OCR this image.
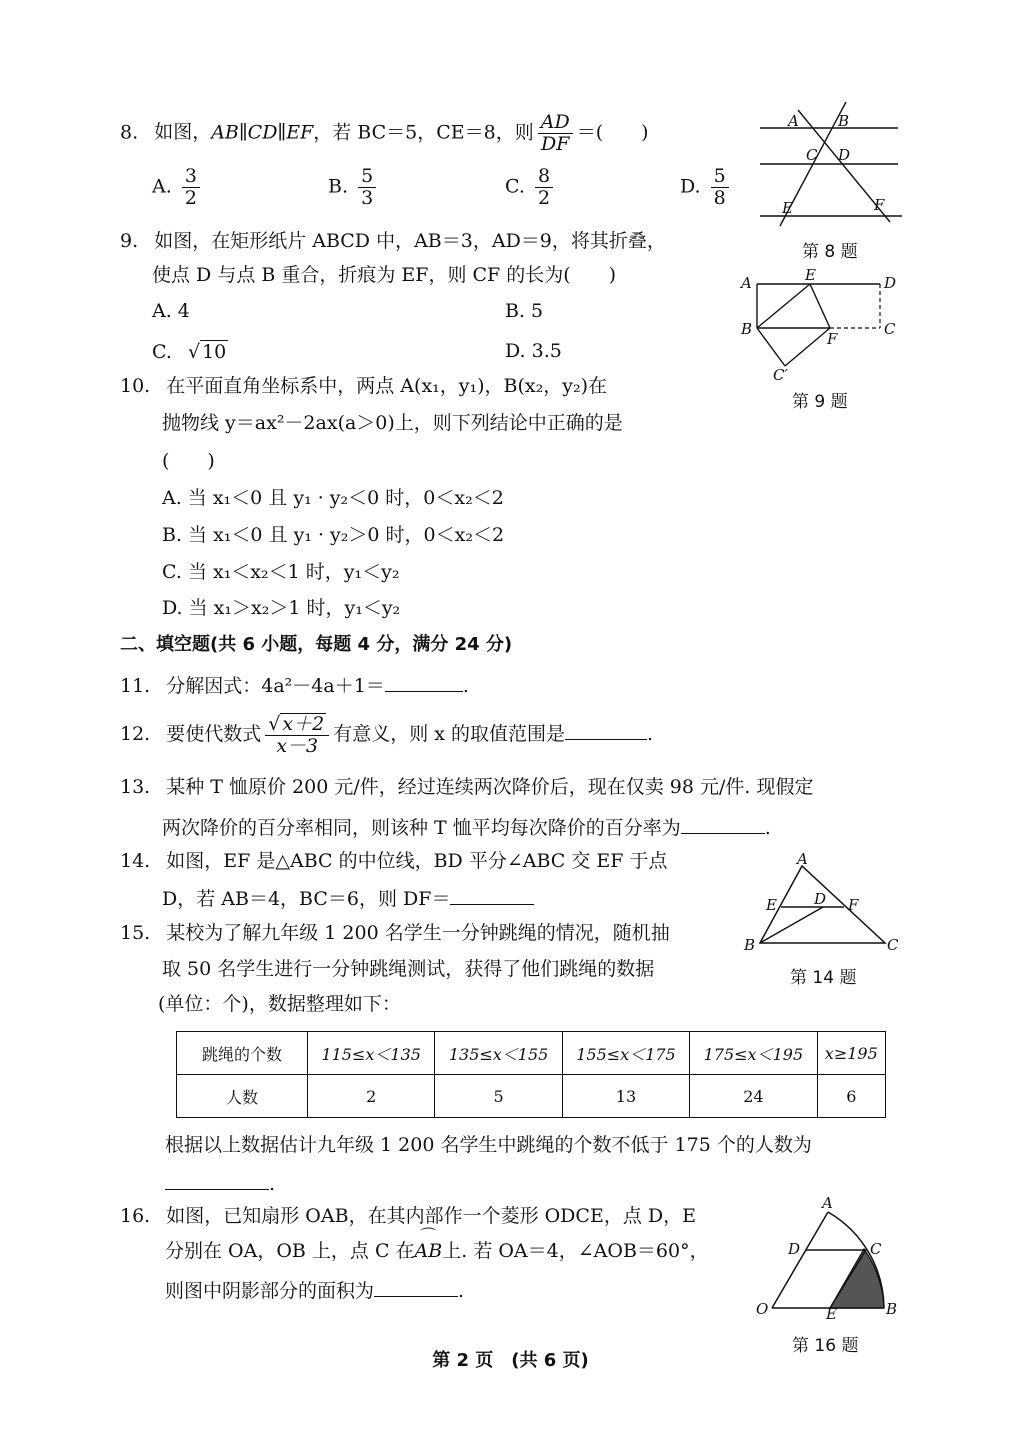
8. 如图，AB∥CD∥EF，若 BC＝5，CE＝8，则 $\frac{AD}{DF}$ ＝(　　)
A. $\frac{3}{2}$	B. $\frac{5}{3}$	C. $\frac{8}{2}$	D. $\frac{5}{8}$
A	B
C D
E	F
第 8 题
9. 如图，在矩形纸片 ABCD 中，AB＝3，AD＝9，将其折叠，
使点 D 与点 B 重合，折痕为 EF，则 CF 的长为(　　)
A. 4	B. 5
C. √ 10	D. 3.5
A	E	D
B
F
C
C′
第 9 题
10. 在平面直角坐标系中，两点 A(x₁，y₁)，B(x₂，y₂)在
抛物线 y＝ax²－2ax(a＞0)上，则下列结论中正确的是
(　　)
A. 当 x₁＜0 且 y₁ · y₂＜0 时，0＜x₂＜2
B. 当 x₁＜0 且 y₁ · y₂＞0 时，0＜x₂＜2
C. 当 x₁＜x₂＜1 时，y₁＜y₂
D. 当 x₁＞x₂＞1 时，y₁＜y₂
二、填空题(共 6 小题，每题 4 分，满分 24 分)
11. 分解因式：4a²－4a＋1＝	.
12. 要使代数式 $\frac{√ x+2}{x-3}$ 有意义，则 x 的取值范围是	.
13. 某种 T 恤原价 200 元/件，经过连续两次降价后，现在仅卖 98 元/件. 现假定
两次降价的百分率相同，则该种 T 恤平均每次降价的百分率为	.
14. 如图，EF 是△ABC 的中位线，BD 平分∠ABC 交 EF 于点
D，若 AB＝4，BC＝6，则 DF＝
A
E D F
B	C
第 14 题
15. 某校为了解九年级 1 200 名学生一分钟跳绳的情况，随机抽
取 50 名学生进行一分钟跳绳测试，获得了他们跳绳的数据
(单位：个)，数据整理如下：
跳绳的个数	115≤x＜135	135≤x＜155	155≤x＜175	175≤x＜195	x≥195
人数	2	5	13	24	6
根据以上数据估计九年级 1 200 名学生中跳绳的个数不低于 175 个的人数为
.
16. 如图，已知扇形 OAB，在其内部作一个菱形 ODCE，点 D，E
分别在 OA，OB 上，点 C 在⌒ AB上. 若 OA＝4，∠AOB＝60°，
则图中阴影部分的面积为	.
A
D	C
O	E	B
第 16 题
第 2 页　(共 6 页)
